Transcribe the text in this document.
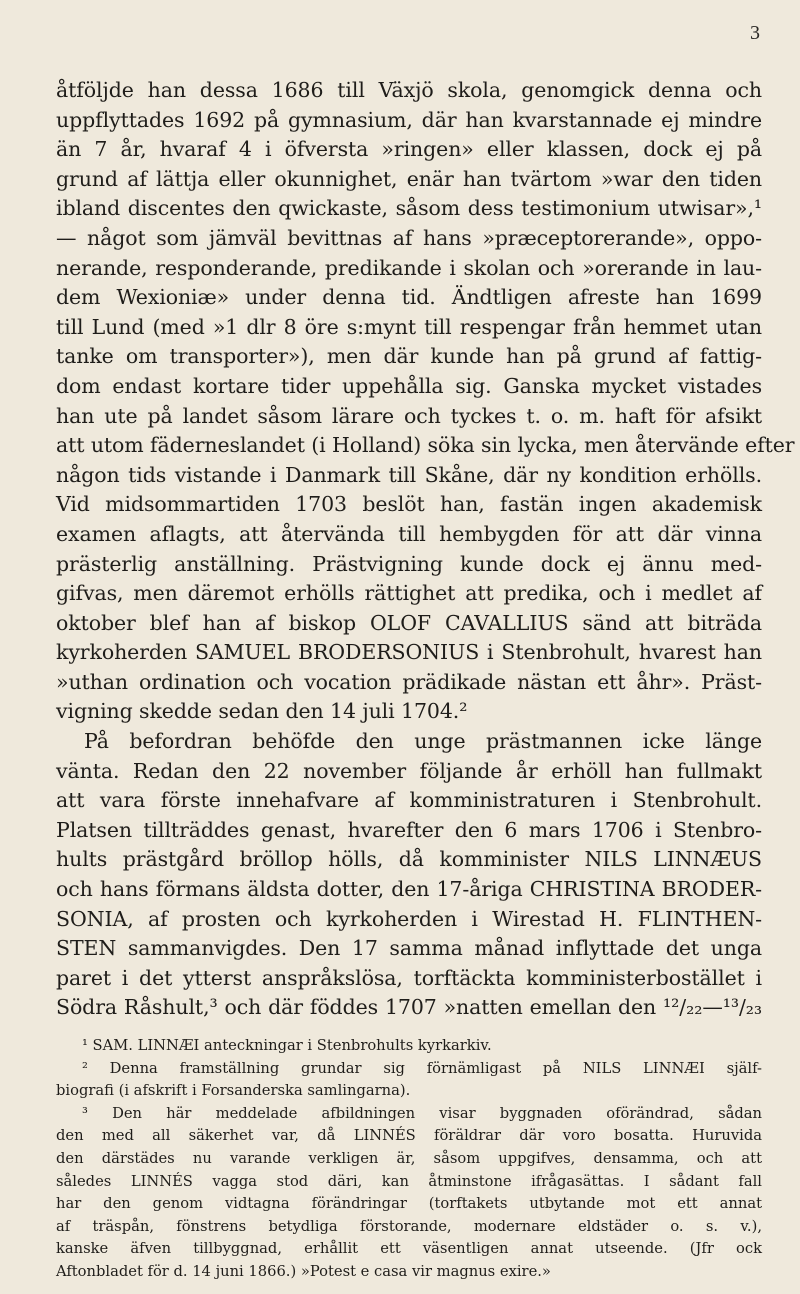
3
åtföljde han dessa 1686 till Växjö skola, genomgick denna och
uppflyttades 1692 på gymnasium, där han kvarstannade ej mindre
än 7 år, hvaraf 4 i öfversta »ringen» eller klassen, dock ej på
grund af lättja eller okunnighet, enär han tvärtom »war den tiden
ibland discentes den qwickaste, såsom dess testimonium utwisar»,¹
— något som jämväl bevittnas af hans »præceptorerande», oppo-
nerande, responderande, predikande i skolan och »orerande in lau-
dem Wexioniæ» under denna tid. Ändtligen afreste han 1699
till Lund (med »1 dlr 8 öre s:mynt till respengar från hemmet utan
tanke om transporter»), men där kunde han på grund af fattig-
dom endast kortare tider uppehålla sig. Ganska mycket vistades
han ute på landet såsom lärare och tyckes t. o. m. haft för afsikt
att utom fäderneslandet (i Holland) söka sin lycka, men återvände efter
någon tids vistande i Danmark till Skåne, där ny kondition erhölls.
Vid midsommartiden 1703 beslöt han, fastän ingen akademisk
examen aflagts, att återvända till hembygden för att där vinna
prästerlig anställning. Prästvigning kunde dock ej ännu med-
gifvas, men däremot erhölls rättighet att predika, och i medlet af
oktober blef han af biskop OLOF CAVALLIUS sänd att biträda
kyrkoherden SAMUEL BRODERSONIUS i Stenbrohult, hvarest han
»uthan ordination och vocation prädikade nästan ett åhr». Präst-
vigning skedde sedan den 14 juli 1704.²
På befordran behöfde den unge prästmannen icke länge
vänta. Redan den 22 november följande år erhöll han fullmakt
att vara förste innehafvare af komministraturen i Stenbrohult.
Platsen tillträddes genast, hvarefter den 6 mars 1706 i Stenbro-
hults prästgård bröllop hölls, då komminister NILS LINNÆUS
och hans förmans äldsta dotter, den 17-åriga CHRISTINA BRODER-
SONIA, af prosten och kyrkoherden i Wirestad H. FLINTHEN-
STEN sammanvigdes. Den 17 samma månad inflyttade det unga
paret i det ytterst anspråkslösa, torftäckta komministerbostället i
Södra Råshult,³ och där föddes 1707 »natten emellan den ¹²/₂₂—¹³/₂₃
¹ SAM. LINNÆI anteckningar i Stenbrohults kyrkarkiv.
² Denna framställning grundar sig förnämligast på NILS LINNÆI själf-
biografi (i afskrift i Forsanderska samlingarna).
³ Den här meddelade afbildningen visar byggnaden oförändrad, sådan
den med all säkerhet var, då LINNÉS föräldrar där voro bosatta. Huruvida
den därstädes nu varande verkligen är, såsom uppgifves, densamma, och att
således LINNÉS vagga stod däri, kan åtminstone ifrågasättas. I sådant fall
har den genom vidtagna förändringar (torftakets utbytande mot ett annat
af träspån, fönstrens betydliga förstorande, modernare eldstäder o. s. v.),
kanske äfven tillbyggnad, erhållit ett väsentligen annat utseende. (Jfr ock
Aftonbladet för d. 14 juni 1866.) »Potest e casa vir magnus exire.»
